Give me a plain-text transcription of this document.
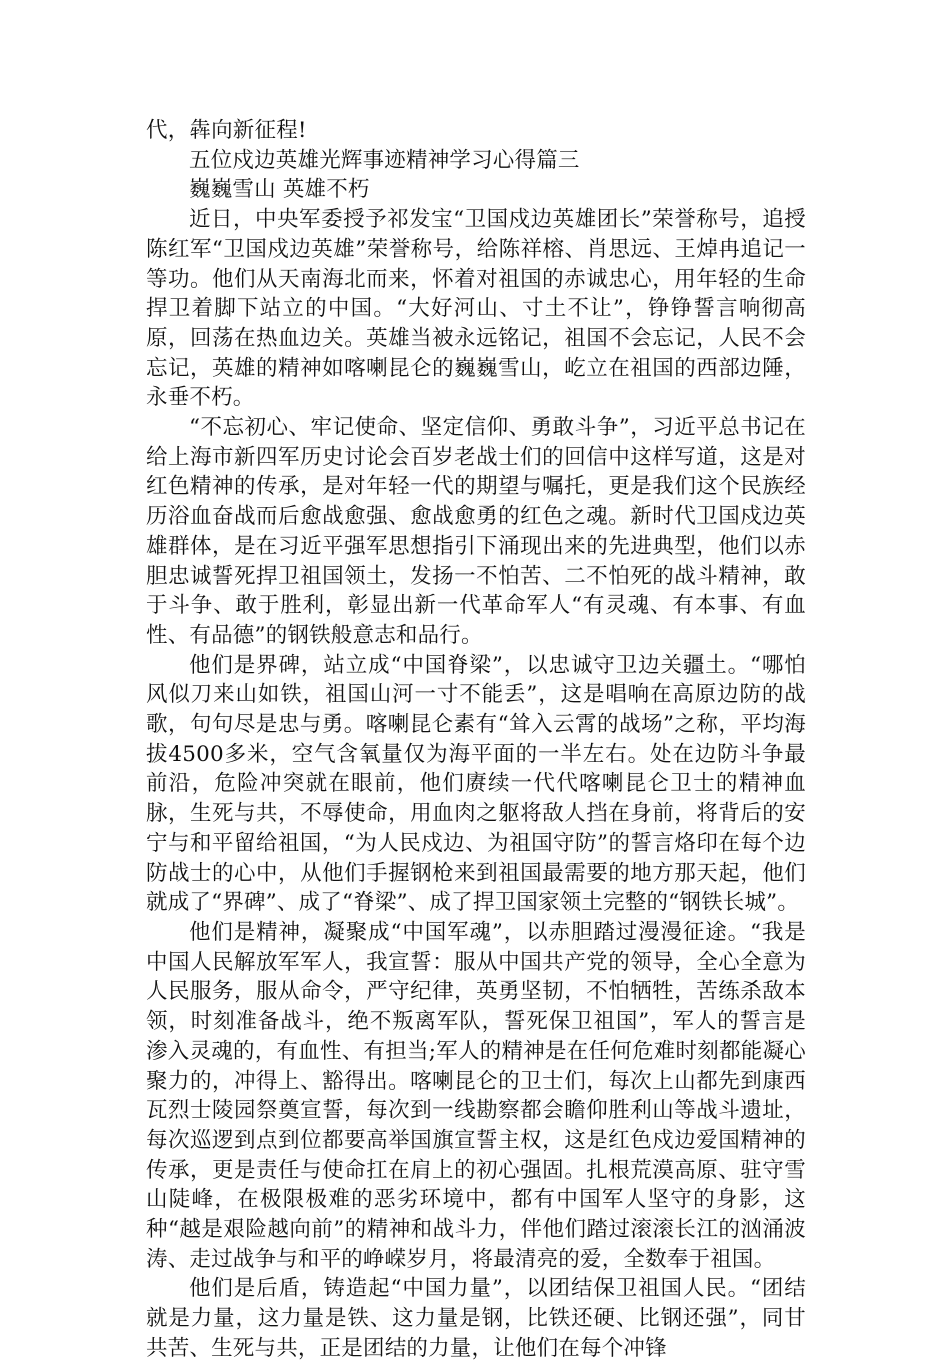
代，犇向新征程!

五位戍边英雄光辉事迹精神学习心得篇三

巍巍雪山 英雄不朽

近日，中央军委授予祁发宝“卫国戍边英雄团长”荣誉称号，追授陈红军“卫国戍边英雄”荣誉称号，给陈祥榕、肖思远、王焯冉追记一等功。他们从天南海北而来，怀着对祖国的赤诚忠心，用年轻的生命捍卫着脚下站立的中国。“大好河山、寸土不让”，铮铮誓言响彻高原，回荡在热血边关。英雄当被永远铭记，祖国不会忘记，人民不会忘记，英雄的精神如喀喇昆仑的巍巍雪山，屹立在祖国的西部边陲，永垂不朽。

“不忘初心、牢记使命、坚定信仰、勇敢斗争”，习近平总书记在给上海市新四军历史讨论会百岁老战士们的回信中这样写道，这是对红色精神的传承，是对年轻一代的期望与嘱托，更是我们这个民族经历浴血奋战而后愈战愈强、愈战愈勇的红色之魂。新时代卫国戍边英雄群体，是在习近平强军思想指引下涌现出来的先进典型，他们以赤胆忠诚誓死捍卫祖国领土，发扬一不怕苦、二不怕死的战斗精神，敢于斗争、敢于胜利，彰显出新一代革命军人“有灵魂、有本事、有血性、有品德”的钢铁般意志和品行。

他们是界碑，站立成“中国脊梁”，以忠诚守卫边关疆土。“哪怕风似刀来山如铁，祖国山河一寸不能丢”，这是唱响在高原边防的战歌，句句尽是忠与勇。喀喇昆仑素有“耸入云霄的战场”之称，平均海拔4500多米，空气含氧量仅为海平面的一半左右。处在边防斗争最前沿，危险冲突就在眼前，他们赓续一代代喀喇昆仑卫士的精神血脉，生死与共，不辱使命，用血肉之躯将敌人挡在身前，将背后的安宁与和平留给祖国，“为人民戍边、为祖国守防”的誓言烙印在每个边防战士的心中，从他们手握钢枪来到祖国最需要的地方那天起，他们就成了“界碑”、成了“脊梁”、成了捍卫国家领土完整的“钢铁长城”。

他们是精神，凝聚成“中国军魂”，以赤胆踏过漫漫征途。“我是中国人民解放军军人，我宣誓：服从中国共产党的领导，全心全意为人民服务，服从命令，严守纪律，英勇坚韧，不怕牺牲，苦练杀敌本领，时刻准备战斗，绝不叛离军队，誓死保卫祖国”，军人的誓言是渗入灵魂的，有血性、有担当;军人的精神是在任何危难时刻都能凝心聚力的，冲得上、豁得出。喀喇昆仑的卫士们，每次上山都先到康西瓦烈士陵园祭奠宣誓，每次到一线勘察都会瞻仰胜利山等战斗遗址，每次巡逻到点到位都要高举国旗宣誓主权，这是红色戍边爱国精神的传承，更是责任与使命扛在肩上的初心强固。扎根荒漠高原、驻守雪山陡峰，在极限极难的恶劣环境中，都有中国军人坚守的身影，这种“越是艰险越向前”的精神和战斗力，伴他们踏过滚滚长江的汹涌波涛、走过战争与和平的峥嵘岁月，将最清亮的爱，全数奉于祖国。

他们是后盾，铸造起“中国力量”，以团结保卫祖国人民。“团结就是力量，这力量是铁、这力量是钢，比铁还硬、比钢还强”，同甘共苦、生死与共，正是团结的力量，让他们在每个冲锋
